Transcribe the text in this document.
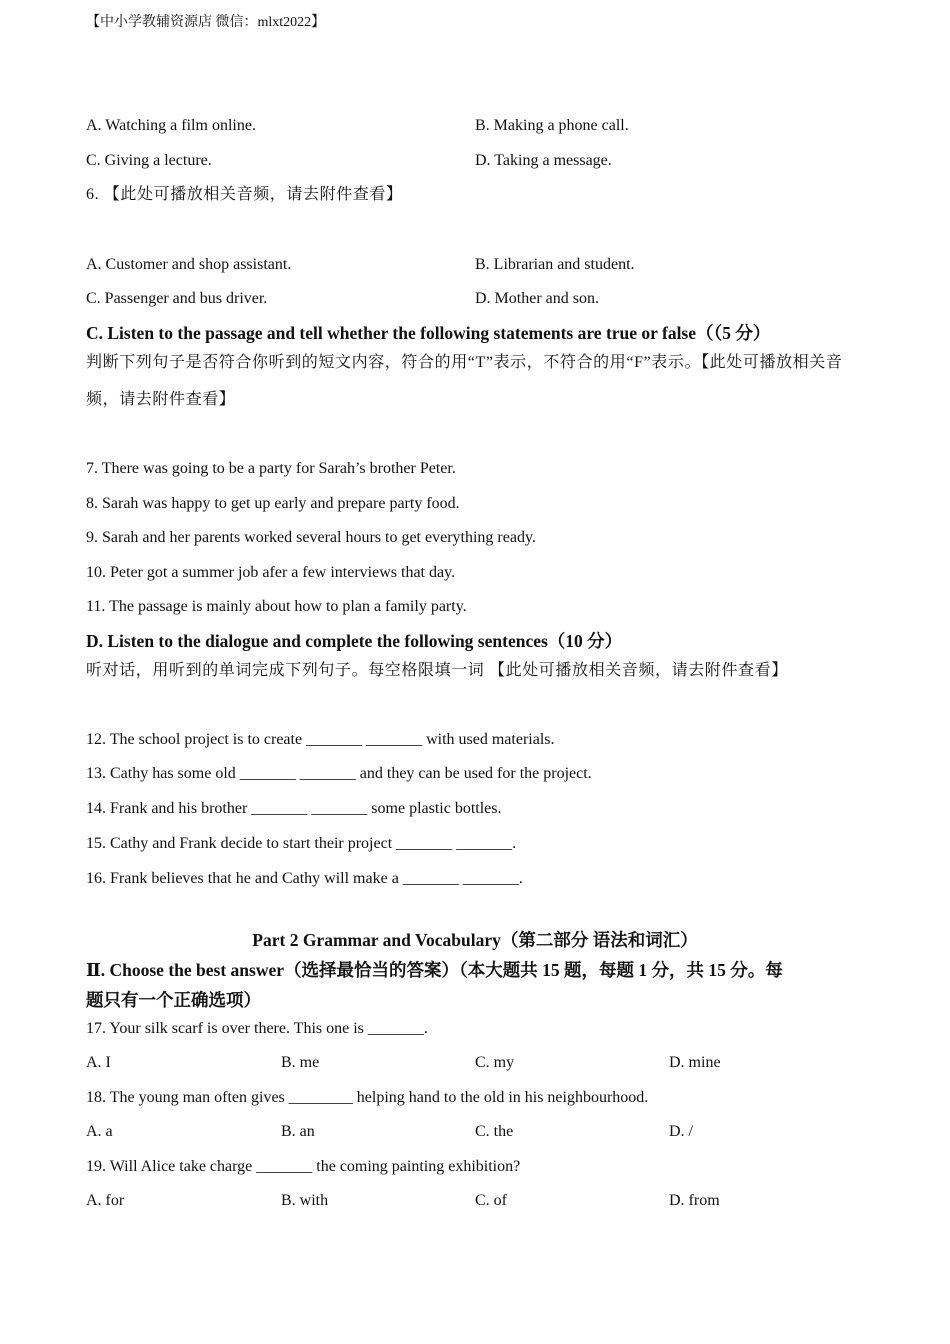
【中小学教辅资源店 微信：mlxt2022】
A. Watching a film online.	B. Making a phone call.
C. Giving a lecture.	D. Taking a message.
6. 【此处可播放相关音频，请去附件查看】
A. Customer and shop assistant.	B. Librarian and student.
C. Passenger and bus driver.	D. Mother and son.
C. Listen to the passage and tell whether the following statements are true or false（（5 分）
判断下列句子是否符合你听到的短文内容，符合的用“T”表示，不符合的用“F”表示。【此处可播放相关音
频，请去附件查看】
7. There was going to be a party for Sarah’s brother Peter.
8. Sarah was happy to get up early and prepare party food.
9. Sarah and her parents worked several hours to get everything ready.
10. Peter got a summer job afer a few interviews that day.
11. The passage is mainly about how to plan a family party.
D. Listen to the dialogue and complete the following sentences（10 分）
听对话，用听到的单词完成下列句子。每空格限填一词 【此处可播放相关音频，请去附件查看】
12. The school project is to create _______ _______ with used materials.
13. Cathy has some old _______ _______ and they can be used for the project.
14. Frank and his brother _______ _______ some plastic bottles.
15. Cathy and Frank decide to start their project _______ _______.
16. Frank believes that he and Cathy will make a _______ _______.
Part 2 Grammar and Vocabulary（第二部分 语法和词汇）
Ⅱ. Choose the best answer（选择最恰当的答案）（本大题共 15 题，每题 1 分，共 15 分。每
题只有一个正确选项）
17. Your silk scarf is over there. This one is _______.
A. I	B. me	C. my	D. mine
18. The young man often gives ________ helping hand to the old in his neighbourhood.
A. a	B. an	C. the	D. /
19. Will Alice take charge _______ the coming painting exhibition?
A. for	B. with	C. of	D. from
